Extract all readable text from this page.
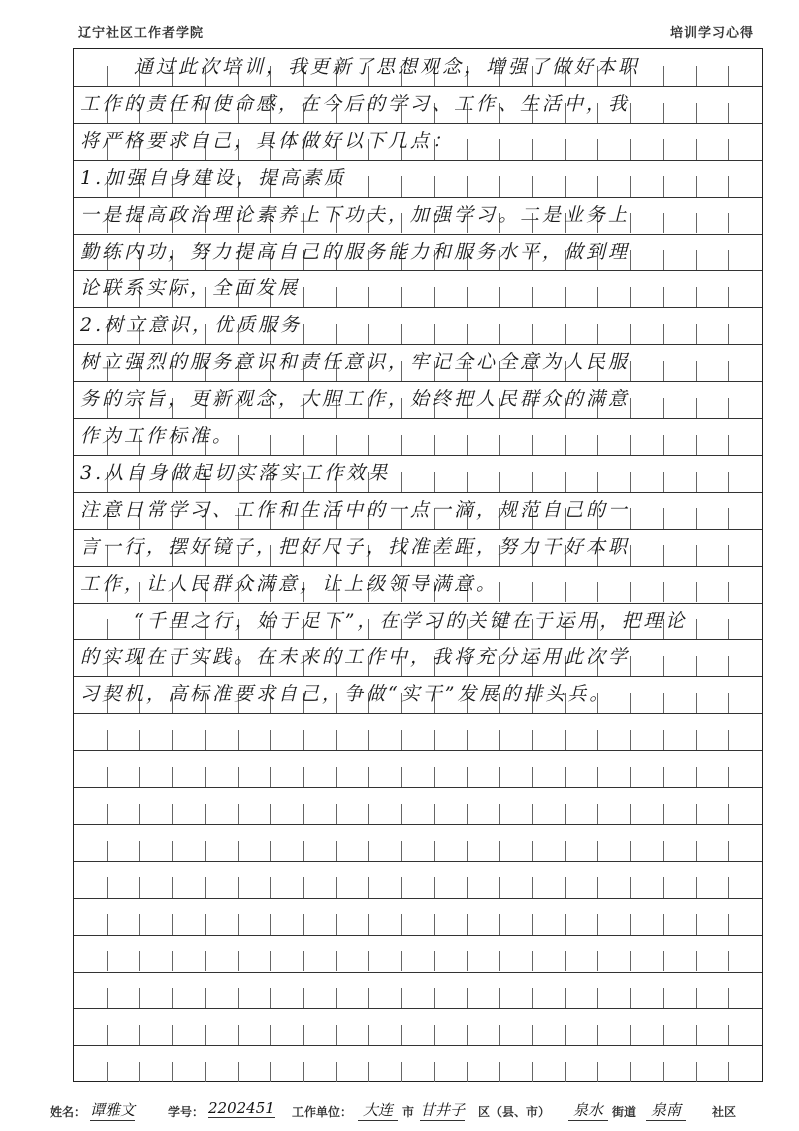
辽宁社区工作者学院	培训学习心得
通过此次培训，我更新了思想观念，增强了做好本职
工作的责任和使命感，在今后的学习、工作、生活中，我
将严格要求自己，具体做好以下几点：
1.加强自身建设，提高素质
一是提高政治理论素养上下功夫，加强学习。二是业务上
勤练内功，努力提高自己的服务能力和服务水平，做到理
论联系实际，全面发展
2.树立意识，优质服务
树立强烈的服务意识和责任意识，牢记全心全意为人民服
务的宗旨，更新观念，大胆工作，始终把人民群众的满意
作为工作标准。
3.从自身做起切实落实工作效果
注意日常学习、工作和生活中的一点一滴，规范自己的一
言一行，摆好镜子，把好尺子，找准差距，努力干好本职
工作，让人民群众满意，让上级领导满意。
“千里之行，始于足下”，在学习的关键在于运用，把理论
的实现在于实践。在未来的工作中，我将充分运用此次学
习契机，高标准要求自己，争做“实干”发展的排头兵。
姓名： 谭雅文	学号： 2202451 工作单位： 大连 市 甘井子 区（县、市）	泉水 街道 泉南	社区
